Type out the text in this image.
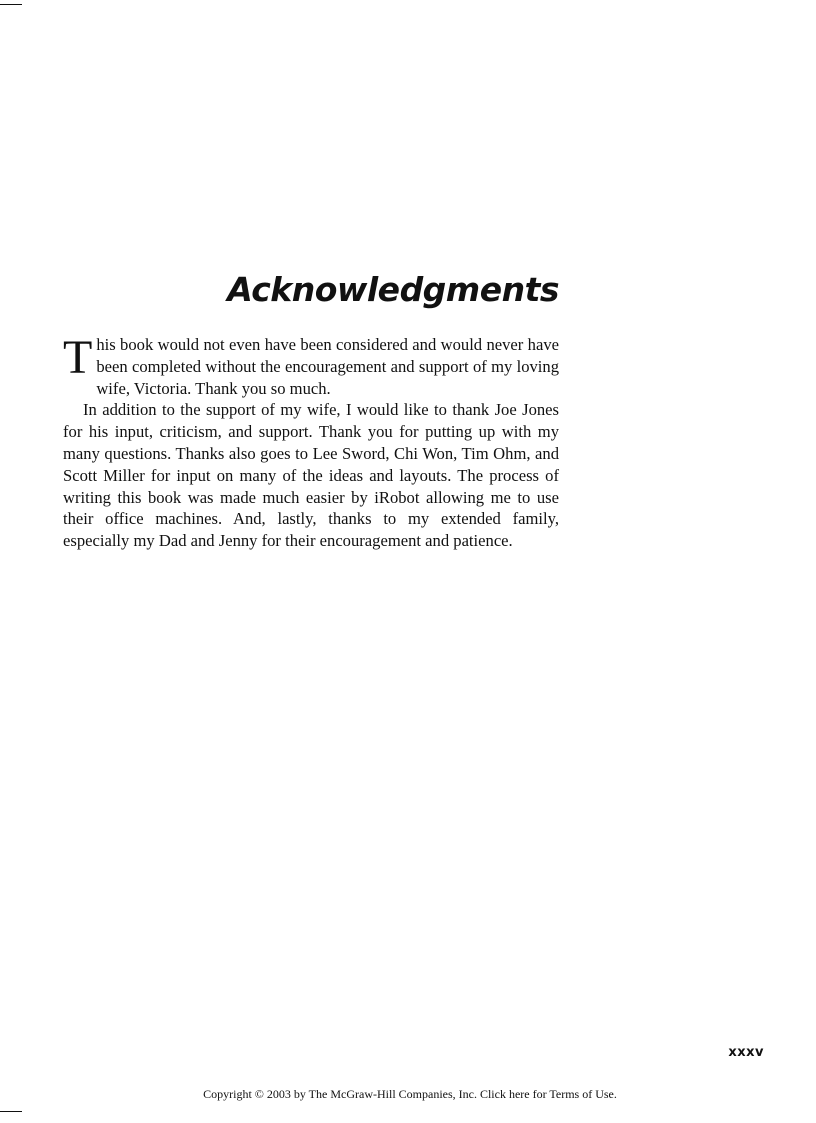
Acknowledgments

This book would not even have been considered and would never have been completed without the encouragement and support of my loving wife, Victoria. Thank you so much.

In addition to the support of my wife, I would like to thank Joe Jones for his input, criticism, and support. Thank you for putting up with my many questions. Thanks also goes to Lee Sword, Chi Won, Tim Ohm, and Scott Miller for input on many of the ideas and layouts. The process of writing this book was made much easier by iRobot allowing me to use their office machines. And, lastly, thanks to my extended family, especially my Dad and Jenny for their encouragement and patience.

xxxv
Copyright © 2003 by The McGraw-Hill Companies, Inc. Click here for Terms of Use.
